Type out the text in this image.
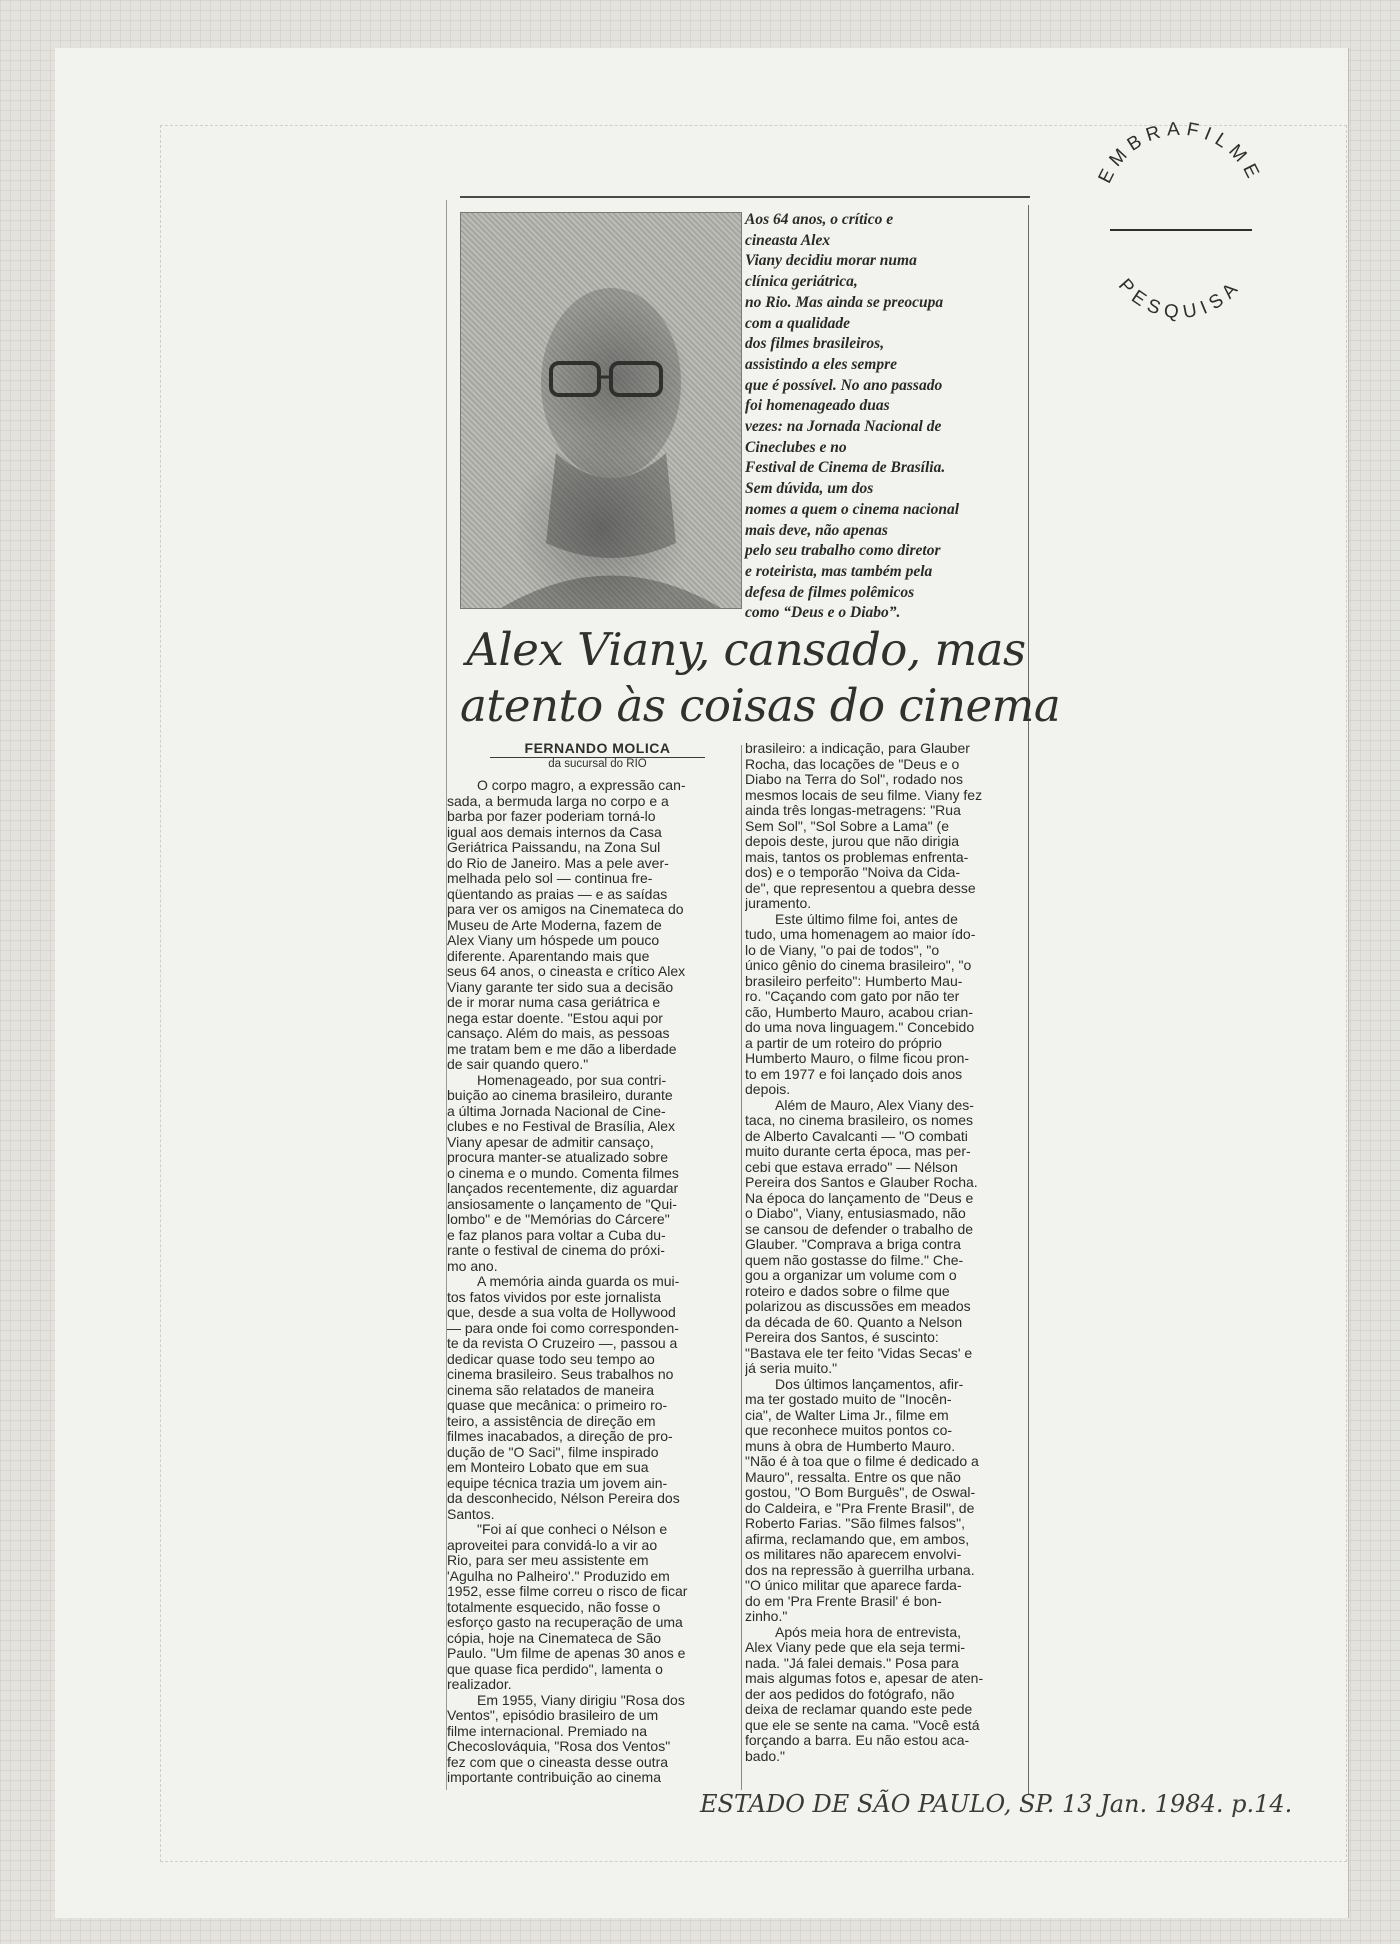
EMBRAFILME
PESQUISA
Aos 64 anos, o crítico e
cineasta Alex
Viany decidiu morar numa
clínica geriátrica,
no Rio. Mas ainda se preocupa
com a qualidade
dos filmes brasileiros,
assistindo a eles sempre
que é possível. No ano passado
foi homenageado duas
vezes: na Jornada Nacional de
Cineclubes e no
Festival de Cinema de Brasília.
Sem dúvida, um dos
nomes a quem o cinema nacional
mais deve, não apenas
pelo seu trabalho como diretor
e roteirista, mas também pela
defesa de filmes polêmicos
como “Deus e o Diabo”.
Alex Viany, cansado, mas
atento às coisas do cinema
FERNANDO MOLICA
da sucursal do RIO
O corpo magro, a expressão can-
sada, a bermuda larga no corpo e a
barba por fazer poderiam torná-lo
igual aos demais internos da Casa
Geriátrica Paissandu, na Zona Sul
do Rio de Janeiro. Mas a pele aver-
melhada pelo sol — continua fre-
qüentando as praias — e as saídas
para ver os amigos na Cinemateca do
Museu de Arte Moderna, fazem de
Alex Viany um hóspede um pouco
diferente. Aparentando mais que
seus 64 anos, o cineasta e crítico Alex
Viany garante ter sido sua a decisão
de ir morar numa casa geriátrica e
nega estar doente. "Estou aqui por
cansaço. Além do mais, as pessoas
me tratam bem e me dão a liberdade
de sair quando quero."
Homenageado, por sua contri-
buição ao cinema brasileiro, durante
a última Jornada Nacional de Cine-
clubes e no Festival de Brasília, Alex
Viany apesar de admitir cansaço,
procura manter-se atualizado sobre
o cinema e o mundo. Comenta filmes
lançados recentemente, diz aguardar
ansiosamente o lançamento de "Qui-
lombo" e de "Memórias do Cárcere"
e faz planos para voltar a Cuba du-
rante o festival de cinema do próxi-
mo ano.
A memória ainda guarda os mui-
tos fatos vividos por este jornalista
que, desde a sua volta de Hollywood
— para onde foi como corresponden-
te da revista O Cruzeiro —, passou a
dedicar quase todo seu tempo ao
cinema brasileiro. Seus trabalhos no
cinema são relatados de maneira
quase que mecânica: o primeiro ro-
teiro, a assistência de direção em
filmes inacabados, a direção de pro-
dução de "O Saci", filme inspirado
em Monteiro Lobato que em sua
equipe técnica trazia um jovem ain-
da desconhecido, Nélson Pereira dos
Santos.
"Foi aí que conheci o Nélson e
aproveitei para convidá-lo a vir ao
Rio, para ser meu assistente em
'Agulha no Palheiro'." Produzido em
1952, esse filme correu o risco de ficar
totalmente esquecido, não fosse o
esforço gasto na recuperação de uma
cópia, hoje na Cinemateca de São
Paulo. "Um filme de apenas 30 anos e
que quase fica perdido", lamenta o
realizador.
Em 1955, Viany dirigiu "Rosa dos
Ventos", episódio brasileiro de um
filme internacional. Premiado na
Checoslováquia, "Rosa dos Ventos"
fez com que o cineasta desse outra
importante contribuição ao cinema
brasileiro: a indicação, para Glauber
Rocha, das locações de "Deus e o
Diabo na Terra do Sol", rodado nos
mesmos locais de seu filme. Viany fez
ainda três longas-metragens: "Rua
Sem Sol", "Sol Sobre a Lama" (e
depois deste, jurou que não dirigia
mais, tantos os problemas enfrenta-
dos) e o temporão "Noiva da Cida-
de", que representou a quebra desse
juramento.
Este último filme foi, antes de
tudo, uma homenagem ao maior ído-
lo de Viany, "o pai de todos", "o
único gênio do cinema brasileiro", "o
brasileiro perfeito": Humberto Mau-
ro. "Caçando com gato por não ter
cão, Humberto Mauro, acabou crian-
do uma nova linguagem." Concebido
a partir de um roteiro do próprio
Humberto Mauro, o filme ficou pron-
to em 1977 e foi lançado dois anos
depois.
Além de Mauro, Alex Viany des-
taca, no cinema brasileiro, os nomes
de Alberto Cavalcanti — "O combati
muito durante certa época, mas per-
cebi que estava errado" — Nélson
Pereira dos Santos e Glauber Rocha.
Na época do lançamento de "Deus e
o Diabo", Viany, entusiasmado, não
se cansou de defender o trabalho de
Glauber. "Comprava a briga contra
quem não gostasse do filme." Che-
gou a organizar um volume com o
roteiro e dados sobre o filme que
polarizou as discussões em meados
da década de 60. Quanto a Nelson
Pereira dos Santos, é suscinto:
"Bastava ele ter feito 'Vidas Secas' e
já seria muito."
Dos últimos lançamentos, afir-
ma ter gostado muito de "Inocên-
cia", de Walter Lima Jr., filme em
que reconhece muitos pontos co-
muns à obra de Humberto Mauro.
"Não é à toa que o filme é dedicado a
Mauro", ressalta. Entre os que não
gostou, "O Bom Burguês", de Oswal-
do Caldeira, e "Pra Frente Brasil", de
Roberto Farias. "São filmes falsos",
afirma, reclamando que, em ambos,
os militares não aparecem envolvi-
dos na repressão à guerrilha urbana.
"O único militar que aparece farda-
do em 'Pra Frente Brasil' é bon-
zinho."
Após meia hora de entrevista,
Alex Viany pede que ela seja termi-
nada. "Já falei demais." Posa para
mais algumas fotos e, apesar de aten-
der aos pedidos do fotógrafo, não
deixa de reclamar quando este pede
que ele se sente na cama. "Você está
forçando a barra. Eu não estou aca-
bado."
ESTADO DE SÃO PAULO, SP. 13 Jan. 1984. p.14.
